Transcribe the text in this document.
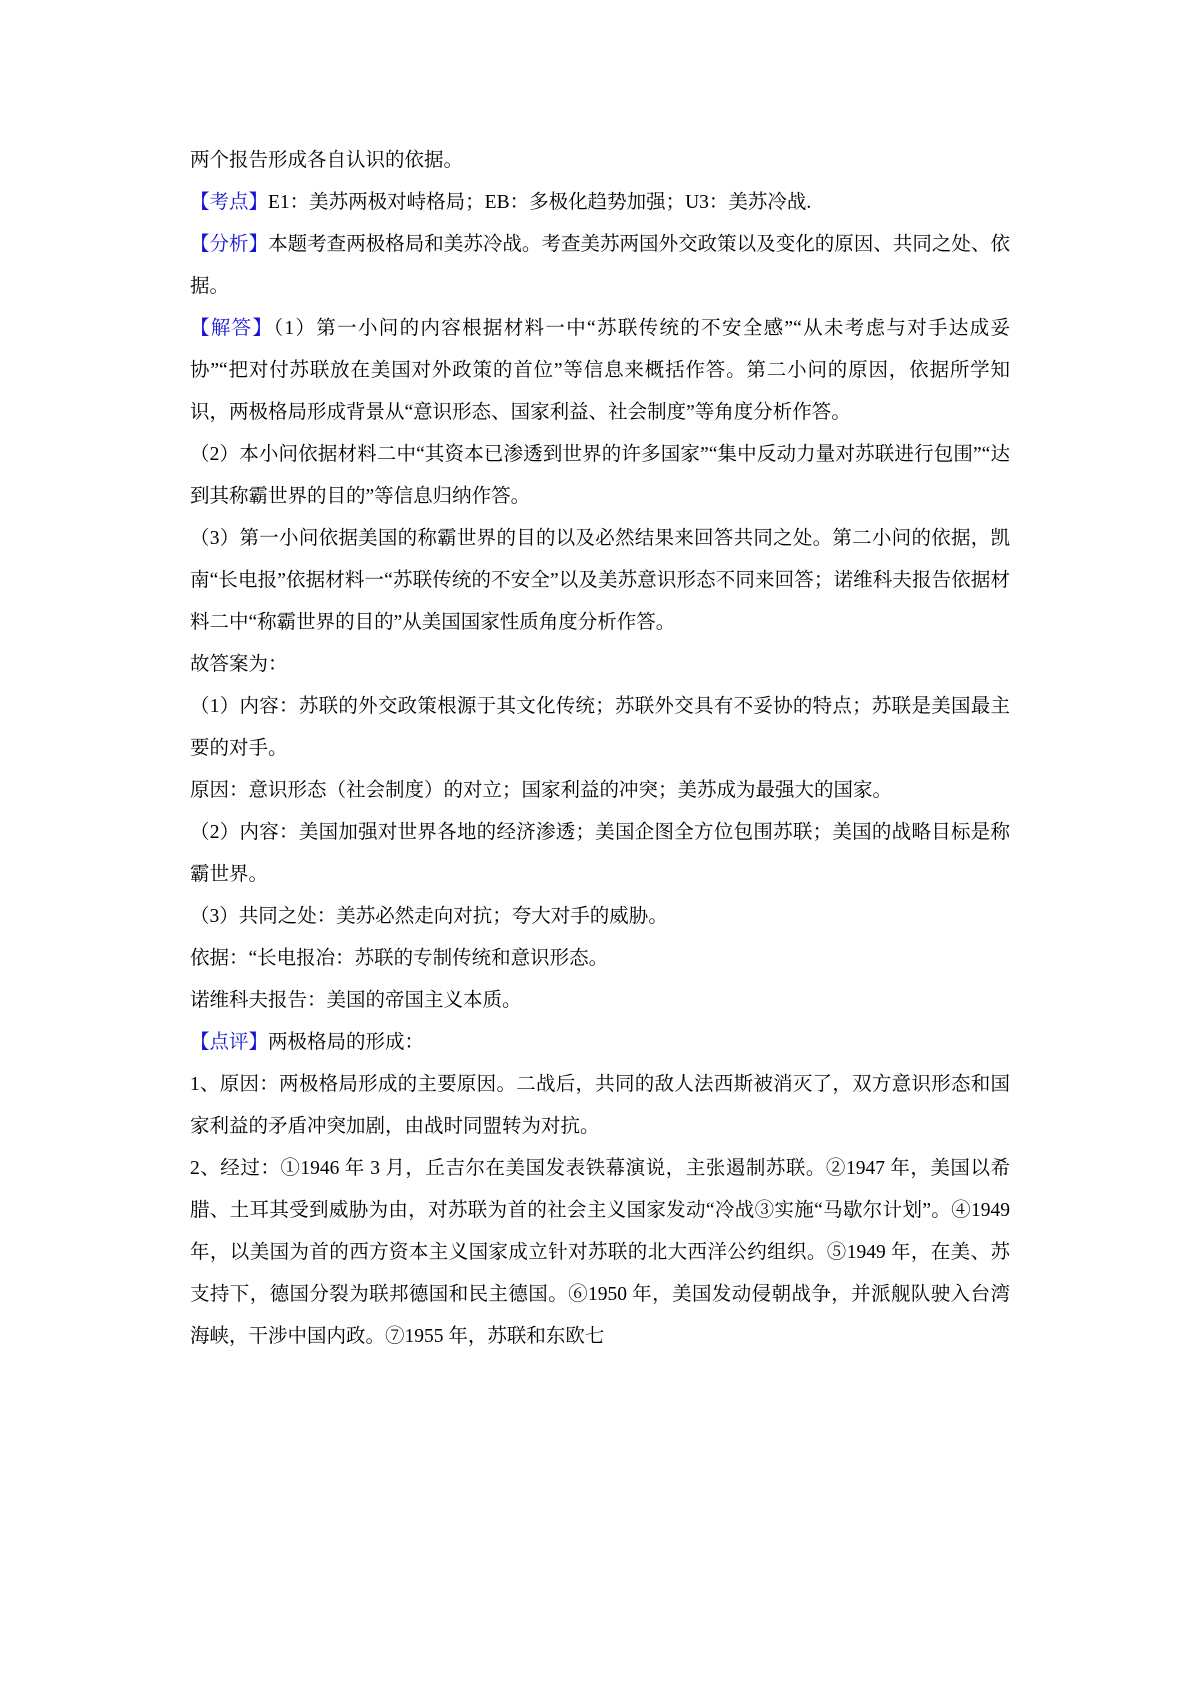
两个报告形成各自认识的依据。

【考点】E1：美苏两极对峙格局；EB：多极化趋势加强；U3：美苏冷战.

【分析】本题考查两极格局和美苏冷战。考查美苏两国外交政策以及变化的原因、共同之处、依据。

【解答】（1）第一小问的内容根据材料一中“苏联传统的不安全感”“从未考虑与对手达成妥协”“把对付苏联放在美国对外政策的首位”等信息来概括作答。第二小问的原因，依据所学知识，两极格局形成背景从“意识形态、国家利益、社会制度”等角度分析作答。

（2）本小问依据材料二中“其资本已渗透到世界的许多国家”“集中反动力量对苏联进行包围”“达到其称霸世界的目的”等信息归纳作答。

（3）第一小问依据美国的称霸世界的目的以及必然结果来回答共同之处。第二小问的依据，凯南“长电报”依据材料一“苏联传统的不安全”以及美苏意识形态不同来回答；诺维科夫报告依据材料二中“称霸世界的目的”从美国国家性质角度分析作答。

故答案为：

（1）内容：苏联的外交政策根源于其文化传统；苏联外交具有不妥协的特点；苏联是美国最主要的对手。

原因：意识形态（社会制度）的对立；国家利益的冲突；美苏成为最强大的国家。

（2）内容：美国加强对世界各地的经济渗透；美国企图全方位包围苏联；美国的战略目标是称霸世界。

（3）共同之处：美苏必然走向对抗；夸大对手的威胁。

依据：“长电报冶：苏联的专制传统和意识形态。

诺维科夫报告：美国的帝国主义本质。

【点评】两极格局的形成：

1、原因：两极格局形成的主要原因。二战后，共同的敌人法西斯被消灭了，双方意识形态和国家利益的矛盾冲突加剧，由战时同盟转为对抗。

2、经过：①1946 年 3 月，丘吉尔在美国发表铁幕演说，主张遏制苏联。②1947 年，美国以希腊、土耳其受到威胁为由，对苏联为首的社会主义国家发动“冷战③实施“马歇尔计划”。④1949 年，以美国为首的西方资本主义国家成立针对苏联的北大西洋公约组织。⑤1949 年，在美、苏支持下，德国分裂为联邦德国和民主德国。⑥1950 年，美国发动侵朝战争，并派舰队驶入台湾海峡，干涉中国内政。⑦1955 年，苏联和东欧七
